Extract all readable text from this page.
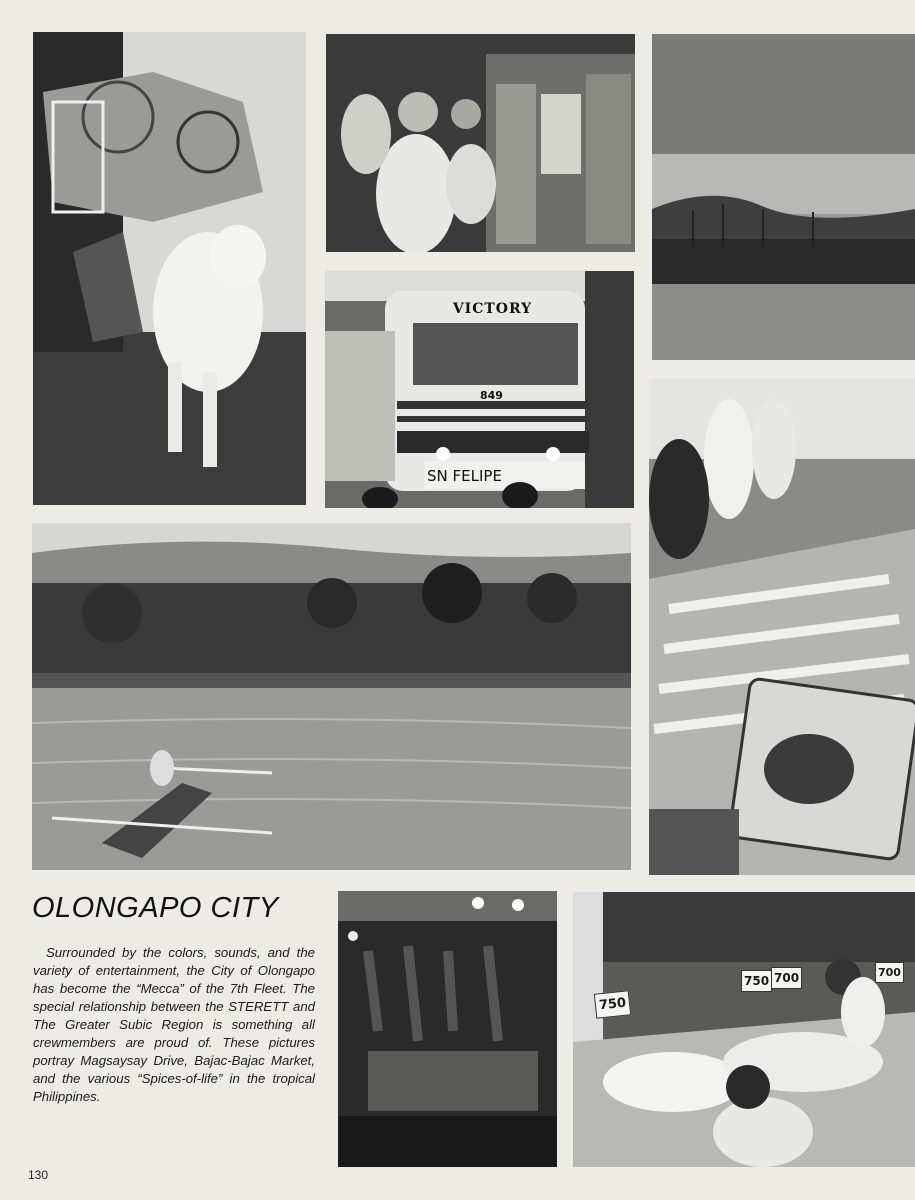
VICTORY
849
SN FELIPE
750
700
750
700
OLONGAPO CITY

Surrounded by the colors, sounds, and the variety of entertainment, the City of Olongapo has become the “Mecca” of the 7th Fleet. The special relationship between the STERETT and The Greater Subic Region is something all crewmembers are proud of. These pictures portray Magsaysay Drive, Bajac-Bajac Market, and the various “Spices-of-life” in the tropical Philippines.

130
